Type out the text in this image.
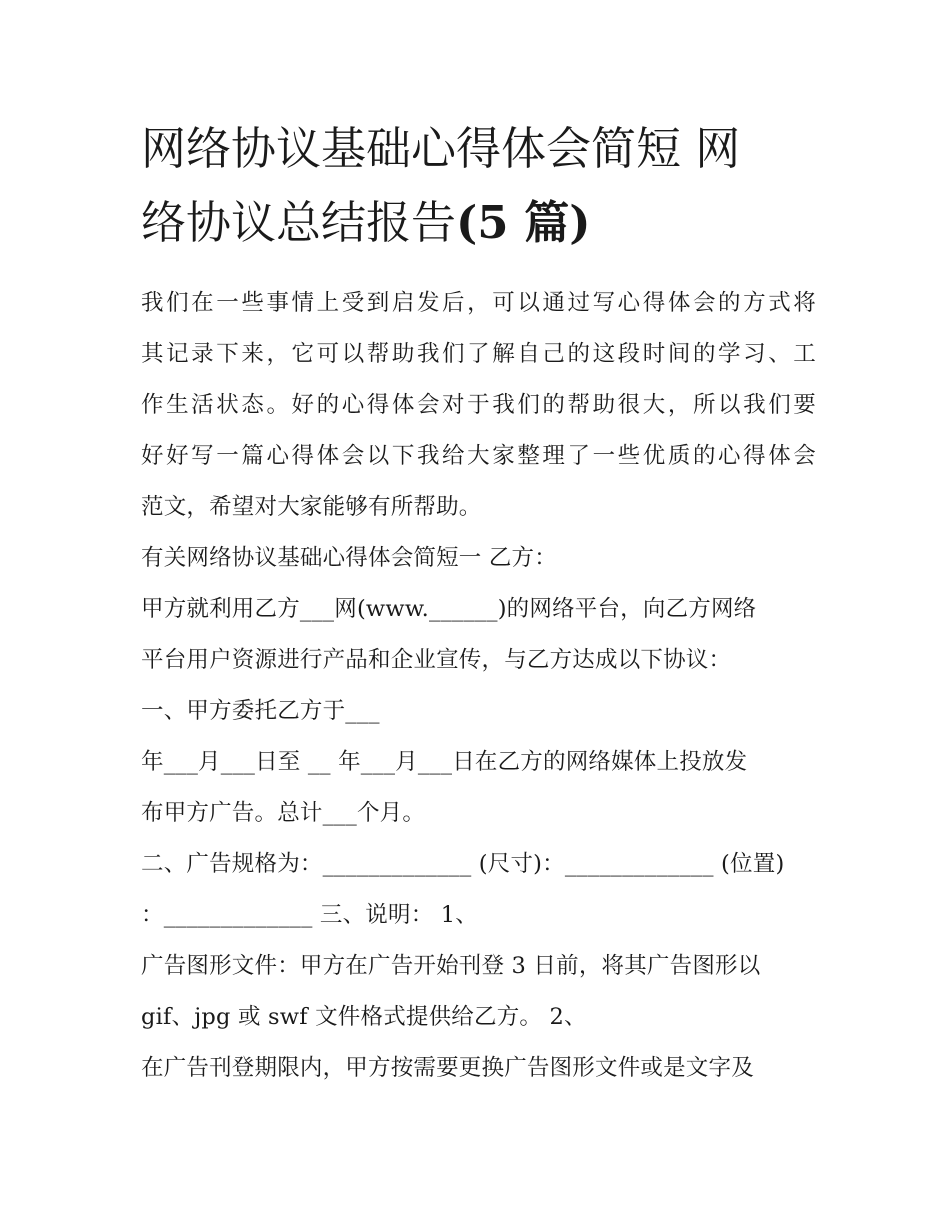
网络协议基础心得体会简短 网
络协议总结报告(5 篇)
我们在一些事情上受到启发后，可以通过写心得体会的方式将
其记录下来，它可以帮助我们了解自己的这段时间的学习、工
作生活状态。好的心得体会对于我们的帮助很大，所以我们要
好好写一篇心得体会以下我给大家整理了一些优质的心得体会
范文，希望对大家能够有所帮助。
有关网络协议基础心得体会简短一 乙方：
甲方就利用乙方___网(www.______)的网络平台，向乙方网络
平台用户资源进行产品和企业宣传，与乙方达成以下协议：
一、甲方委托乙方于___
年___月___日至 __ 年___月___日在乙方的网络媒体上投放发
布甲方广告。总计___个月。
二、广告规格为：_____________ (尺寸)：_____________ (位置)
：_____________ 三、说明： 1、
广告图形文件：甲方在广告开始刊登 3 日前，将其广告图形以
gif、jpg 或 swf 文件格式提供给乙方。 2、
在广告刊登期限内，甲方按需要更换广告图形文件或是文字及
